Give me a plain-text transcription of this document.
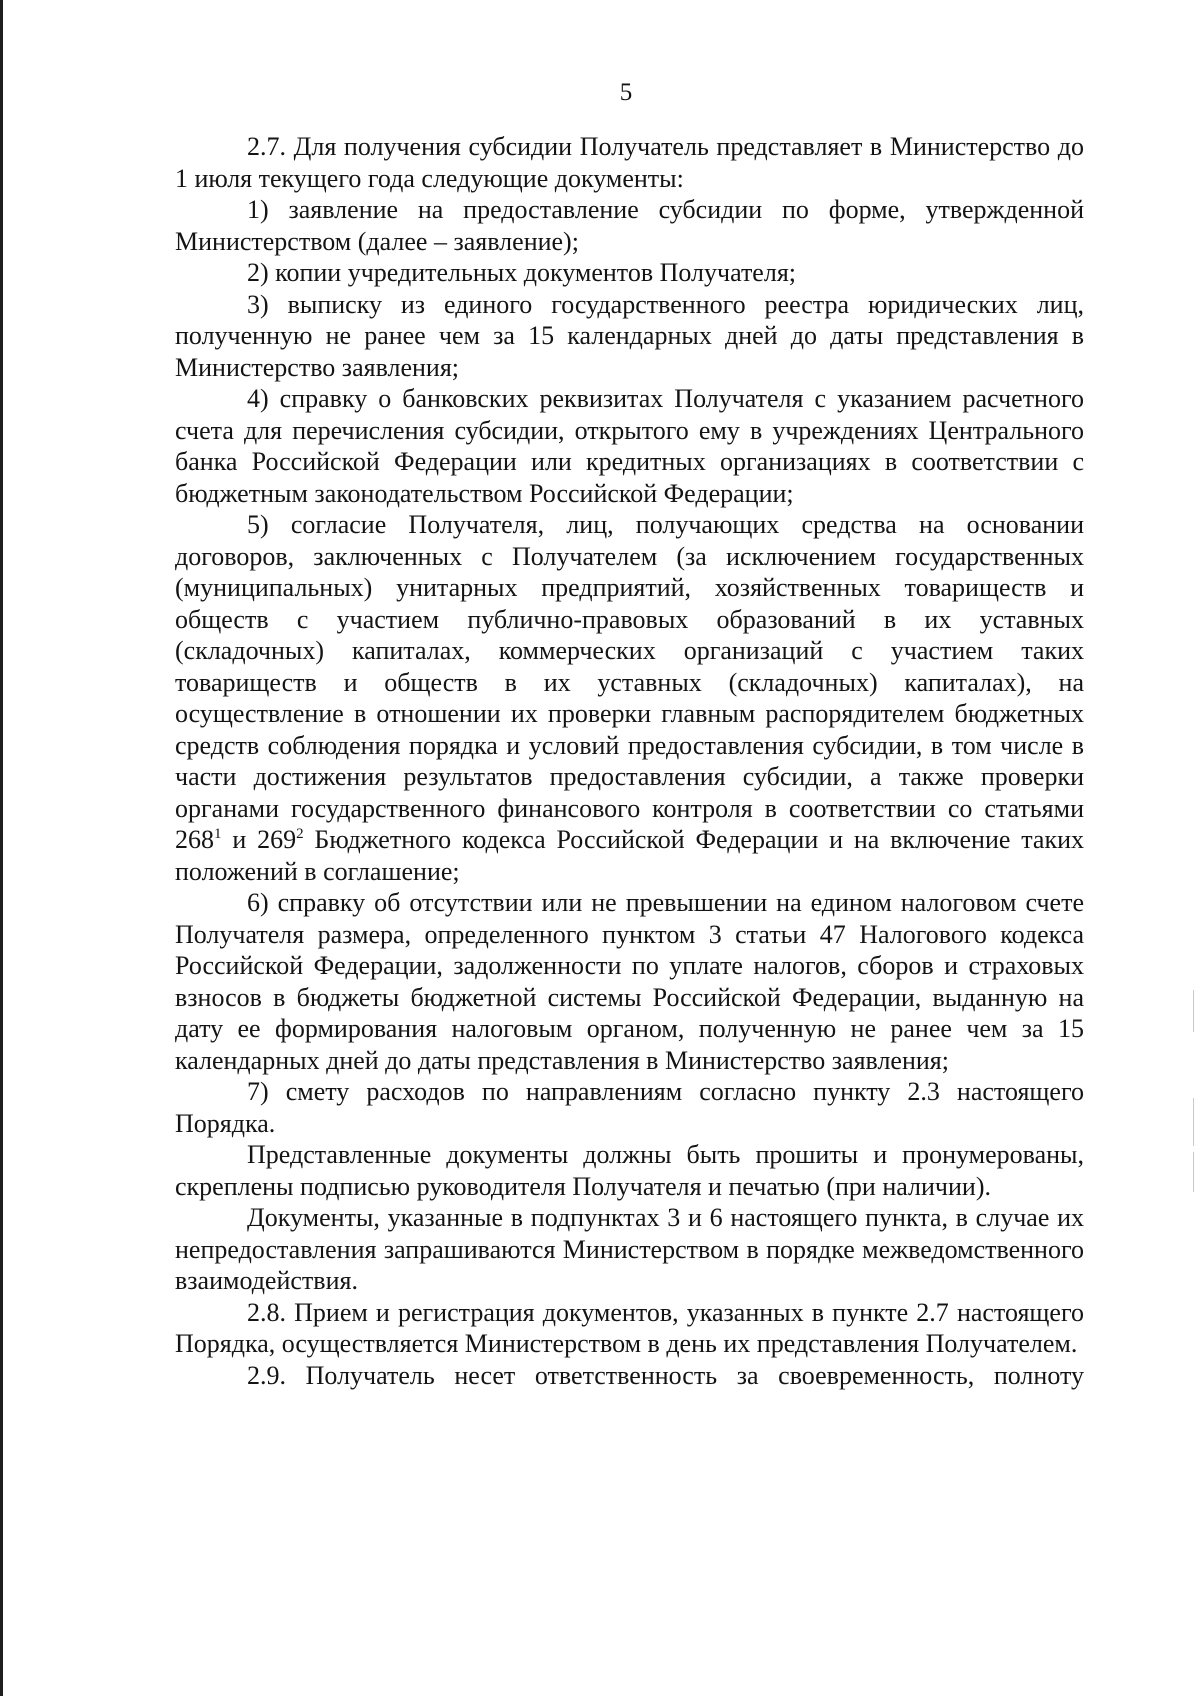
5

2.7. Для получения субсидии Получатель представляет в Министерство до 1 июля текущего года следующие документы:

1) заявление на предоставление субсидии по форме, утвержденной Министерством (далее – заявление);

2) копии учредительных документов Получателя;

3) выписку из единого государственного реестра юридических лиц, полученную не ранее чем за 15 календарных дней до даты представления в Министерство заявления;

4) справку о банковских реквизитах Получателя с указанием расчетного счета для перечисления субсидии, открытого ему в учреждениях Центрального банка Российской Федерации или кредитных организациях в соответствии с бюджетным законодательством Российской Федерации;

5) согласие Получателя, лиц, получающих средства на основании договоров, заключенных с Получателем (за исключением государственных (муниципальных) унитарных предприятий, хозяйственных товариществ и обществ с участием публично-правовых образований в их уставных (складочных) капиталах, коммерческих организаций с участием таких товариществ и обществ в их уставных (складочных) капиталах), на осуществление в отношении их проверки главным распорядителем бюджетных средств соблюдения порядка и условий предоставления субсидии, в том числе в части достижения результатов предоставления субсидии, а также проверки органами государственного финансового контроля в соответствии со статьями $268^1$ и $269^2$ Бюджетного кодекса Российской Федерации и на включение таких положений в соглашение;

6) справку об отсутствии или не превышении на едином налоговом счете Получателя размера, определенного пунктом 3 статьи 47 Налогового кодекса Российской Федерации, задолженности по уплате налогов, сборов и страховых взносов в бюджеты бюджетной системы Российской Федерации, выданную на дату ее формирования налоговым органом, полученную не ранее чем за 15 календарных дней до даты представления в Министерство заявления;

7) смету расходов по направлениям согласно пункту 2.3 настоящего Порядка.

Представленные документы должны быть прошиты и пронумерованы, скреплены подписью руководителя Получателя и печатью (при наличии).

Документы, указанные в подпунктах 3 и 6 настоящего пункта, в случае их непредоставления запрашиваются Министерством в порядке межведомственного взаимодействия.

2.8. Прием и регистрация документов, указанных в пункте 2.7 настоящего Порядка, осуществляется Министерством в день их представления Получателем.

2.9. Получатель несет ответственность за своевременность, полноту
